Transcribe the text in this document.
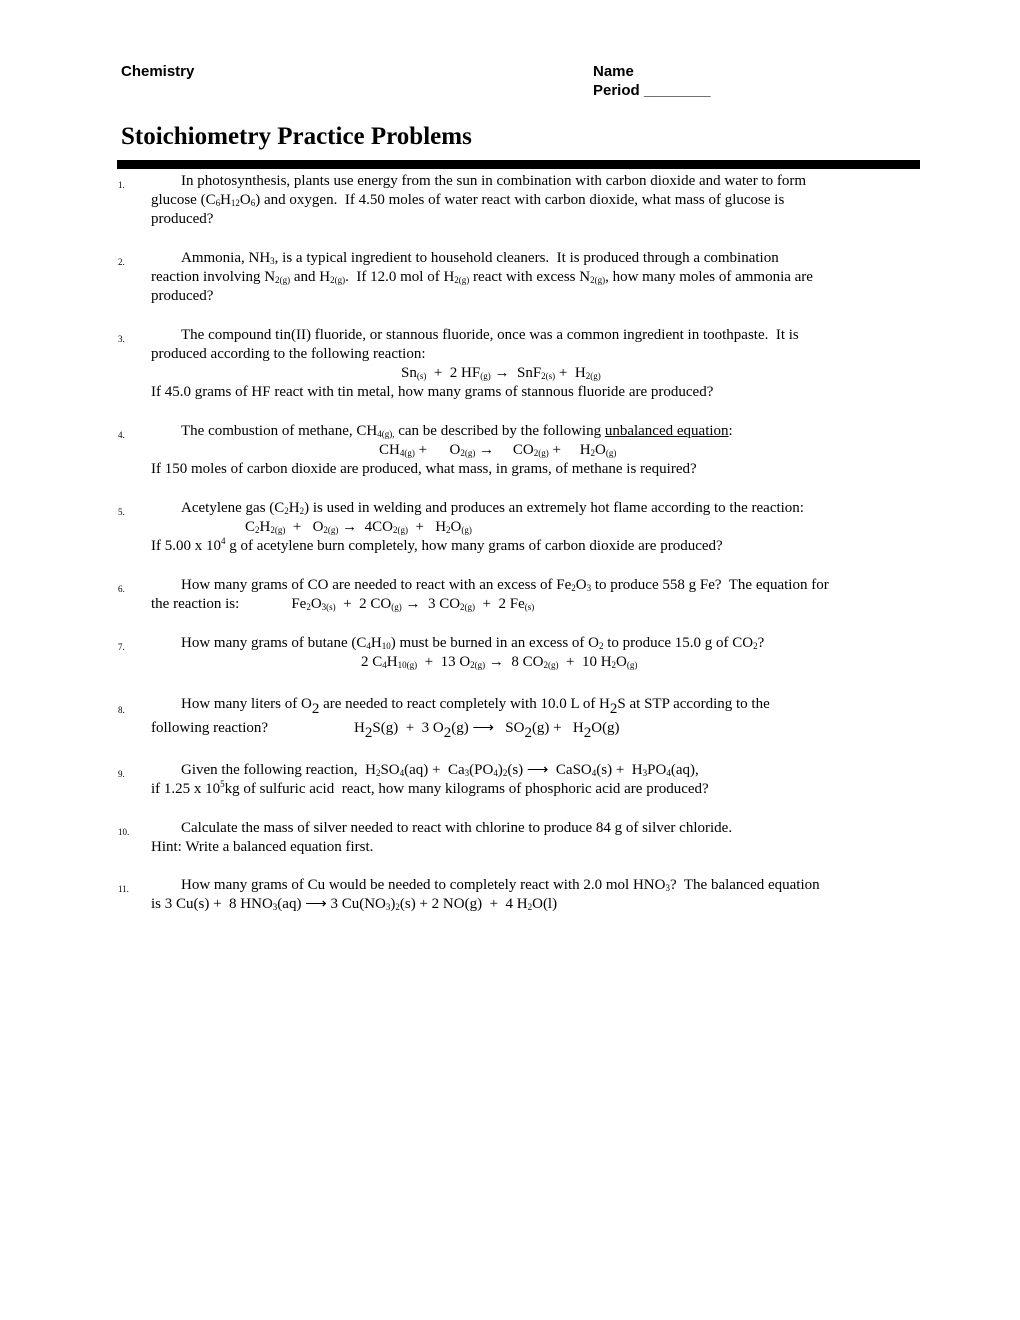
Chemistry	Name
Period ________
Stoichiometry Practice Problems
1.	In photosynthesis, plants use energy from the sun in combination with carbon dioxide and water to form
glucose $(C_6H_{12}O_6)$ and oxygen.  If 4.50 moles of water react with carbon dioxide, what mass of glucose is
produced?
2.	Ammonia, $NH_3$, is a typical ingredient to household cleaners.  It is produced through a combination
reaction involving $N_{2(g)}$ and $H_{2(g)}$.  If 12.0 mol of $H_{2(g)}$ react with excess $N_{2(g)}$, how many moles of ammonia are
produced?
3.	The compound tin(II) fluoride, or stannous fluoride, once was a common ingredient in toothpaste.  It is
produced according to the following reaction:
$Sn_{(s)} + 2$ $HF_{(g)} \to SnF_{2(s)} + H_{2(g)}$
If 45.0 grams of HF react with tin metal, how many grams of stannous fluoride are produced?
4.	The combustion of methane, $CH_{4(g),}$ can be described by the following unbalanced equation:
$CH_{4(g)}$ +      $O_{2(g)}$ →     $CO_{2(g)}$ +     $H_2O_{(g)}$
If 150 moles of carbon dioxide are produced, what mass, in grams, of methane is required?
5.	Acetylene gas $(C_2H_2)$ is used in welding and produces an extremely hot flame according to the reaction:
$C_2H_{2(g)} + O_{2(g)} \to 4CO_{2(g)} + H_2O_{(g)}$
If 5.00 x $10^4$ g of acetylene burn completely, how many grams of carbon dioxide are produced?
6.	How many grams of CO are needed to react with an excess of $Fe_2O_3$ to produce 558 g Fe?  The equation for
the reaction is:	$Fe_2O_{3(s)} + 2$ $CO_{(g)} \to 3$ $CO_{2(g)} + 2$ $Fe_{(s)}$
7.	How many grams of butane $(C_4H_{10})$ must be burned in an excess of $O_2$ to produce 15.0 g of $CO_2$?
2 $C_4H_{10(g)} + 13$ $O_{2(g)} \to 8$ $CO_{2(g)} + 10$ $H_2O_{(g)}$
8.	How many liters of $O_2$ are needed to react completely with 10.0 L of $H_2S$ at STP according to the
following reaction?	$H_2S(g) + 3$ $O_2(g)$ ⟶   $SO_2(g) + H_2O(g)$
9.	Given the following reaction,  $H_2SO_4(aq) + Ca_3(PO_4)_2(s)$ ⟶  CaSO$_4$(s) +  $H_3PO_4(aq)$,
if 1.25 x $10^5kg$ of sulfuric acid  react, how many kilograms of phosphoric acid are produced?
10.	Calculate the mass of silver needed to react with chlorine to produce 84 g of silver chloride.
Hint: Write a balanced equation first.
11.	How many grams of Cu would be needed to completely react with 2.0 mol $HNO_3$?  The balanced equation
is 3 Cu(s) +  8 $HNO_3(aq)$ ⟶ 3 $Cu(NO_3)_2(s) + 2$ NO(g)  +  4 $H_2O(l)$
